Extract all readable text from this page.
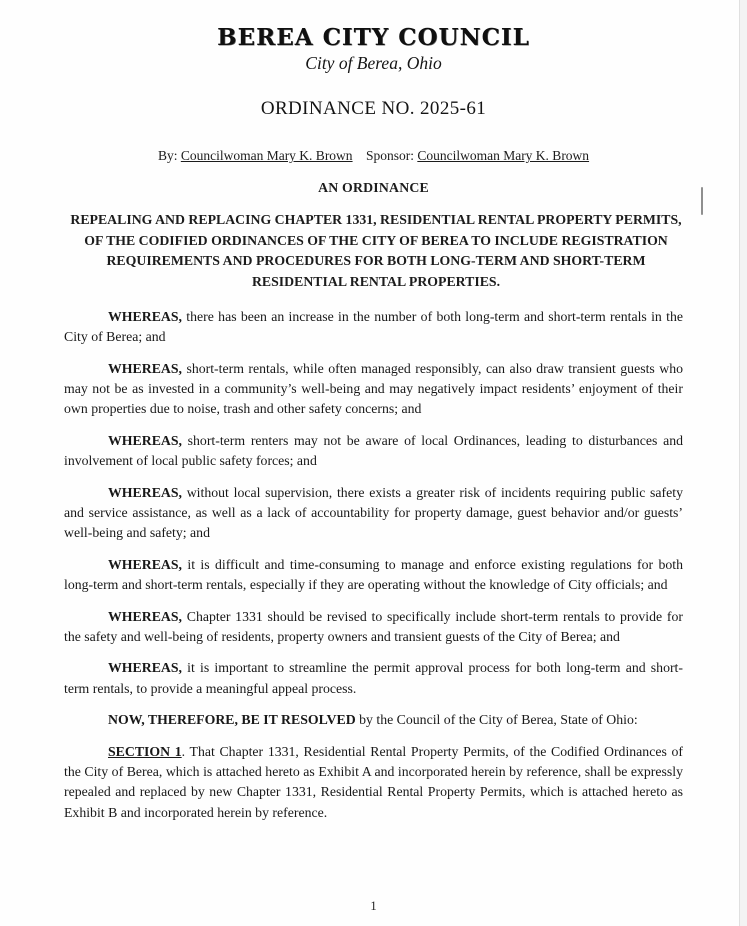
BEREA CITY COUNCIL
City of Berea, Ohio
ORDINANCE NO. 2025-61
By: Councilwoman Mary K. Brown Sponsor: Councilwoman Mary K. Brown
AN ORDINANCE
REPEALING AND REPLACING CHAPTER 1331, RESIDENTIAL RENTAL PROPERTY PERMITS, OF THE CODIFIED ORDINANCES OF THE CITY OF BEREA TO INCLUDE REGISTRATION REQUIREMENTS AND PROCEDURES FOR BOTH LONG-TERM AND SHORT-TERM RESIDENTIAL RENTAL PROPERTIES.

WHEREAS, there has been an increase in the number of both long-term and short-term rentals in the City of Berea; and

WHEREAS, short-term rentals, while often managed responsibly, can also draw transient guests who may not be as invested in a community’s well-being and may negatively impact residents’ enjoyment of their own properties due to noise, trash and other safety concerns; and

WHEREAS, short-term renters may not be aware of local Ordinances, leading to disturbances and involvement of local public safety forces; and

WHEREAS, without local supervision, there exists a greater risk of incidents requiring public safety and service assistance, as well as a lack of accountability for property damage, guest behavior and/or guests’ well-being and safety; and

WHEREAS, it is difficult and time-consuming to manage and enforce existing regulations for both long-term and short-term rentals, especially if they are operating without the knowledge of City officials; and

WHEREAS, Chapter 1331 should be revised to specifically include short-term rentals to provide for the safety and well-being of residents, property owners and transient guests of the City of Berea; and

WHEREAS, it is important to streamline the permit approval process for both long-term and short-term rentals, to provide a meaningful appeal process.

NOW, THEREFORE, BE IT RESOLVED by the Council of the City of Berea, State of Ohio:

SECTION 1. That Chapter 1331, Residential Rental Property Permits, of the Codified Ordinances of the City of Berea, which is attached hereto as Exhibit A and incorporated herein by reference, shall be expressly repealed and replaced by new Chapter 1331, Residential Rental Property Permits, which is attached hereto as Exhibit B and incorporated herein by reference.

1
